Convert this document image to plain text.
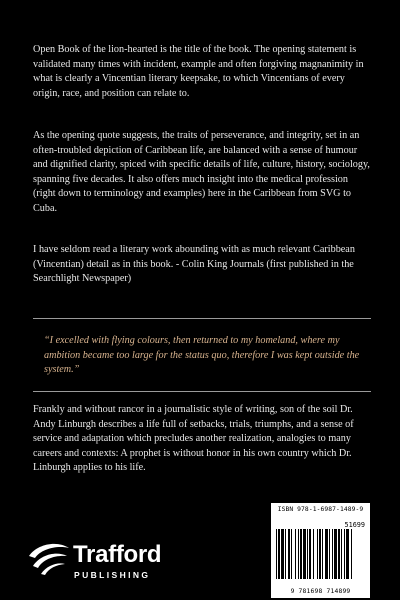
Open Book of the lion-hearted is the title of the book. The opening statement is validated many times with incident, example and often forgiving magnanimity in what is clearly a Vincentian literary keepsake, to which Vincentians of every origin, race, and position can relate to.

As the opening quote suggests, the traits of perseverance, and integrity, set in an often-troubled depiction of Caribbean life, are balanced with a sense of humour and dignified clarity, spiced with specific details of life, culture, history, sociology, spanning five decades. It also offers much insight into the medical profession (right down to terminology and examples) here in the Caribbean from SVG to Cuba.

I have seldom read a literary work abounding with as much relevant Caribbean (Vincentian) detail as in this book. - Colin King Journals (first published in the Searchlight Newspaper)

“I excelled with flying colours, then returned to my homeland, where my ambition became too large for the status quo, therefore I was kept outside the system.”

Frankly and without rancor in a journalistic style of writing, son of the soil Dr. Andy Linburgh describes a life full of setbacks, trials, triumphs, and a sense of service and adaptation which precludes another realization, analogies to many careers and contexts: A prophet is without honor in his own country which Dr. Linburgh applies to his life.

Trafford
PUBLISHING
ISBN 978-1-6987-1489-9
51699
9 781698 714899
